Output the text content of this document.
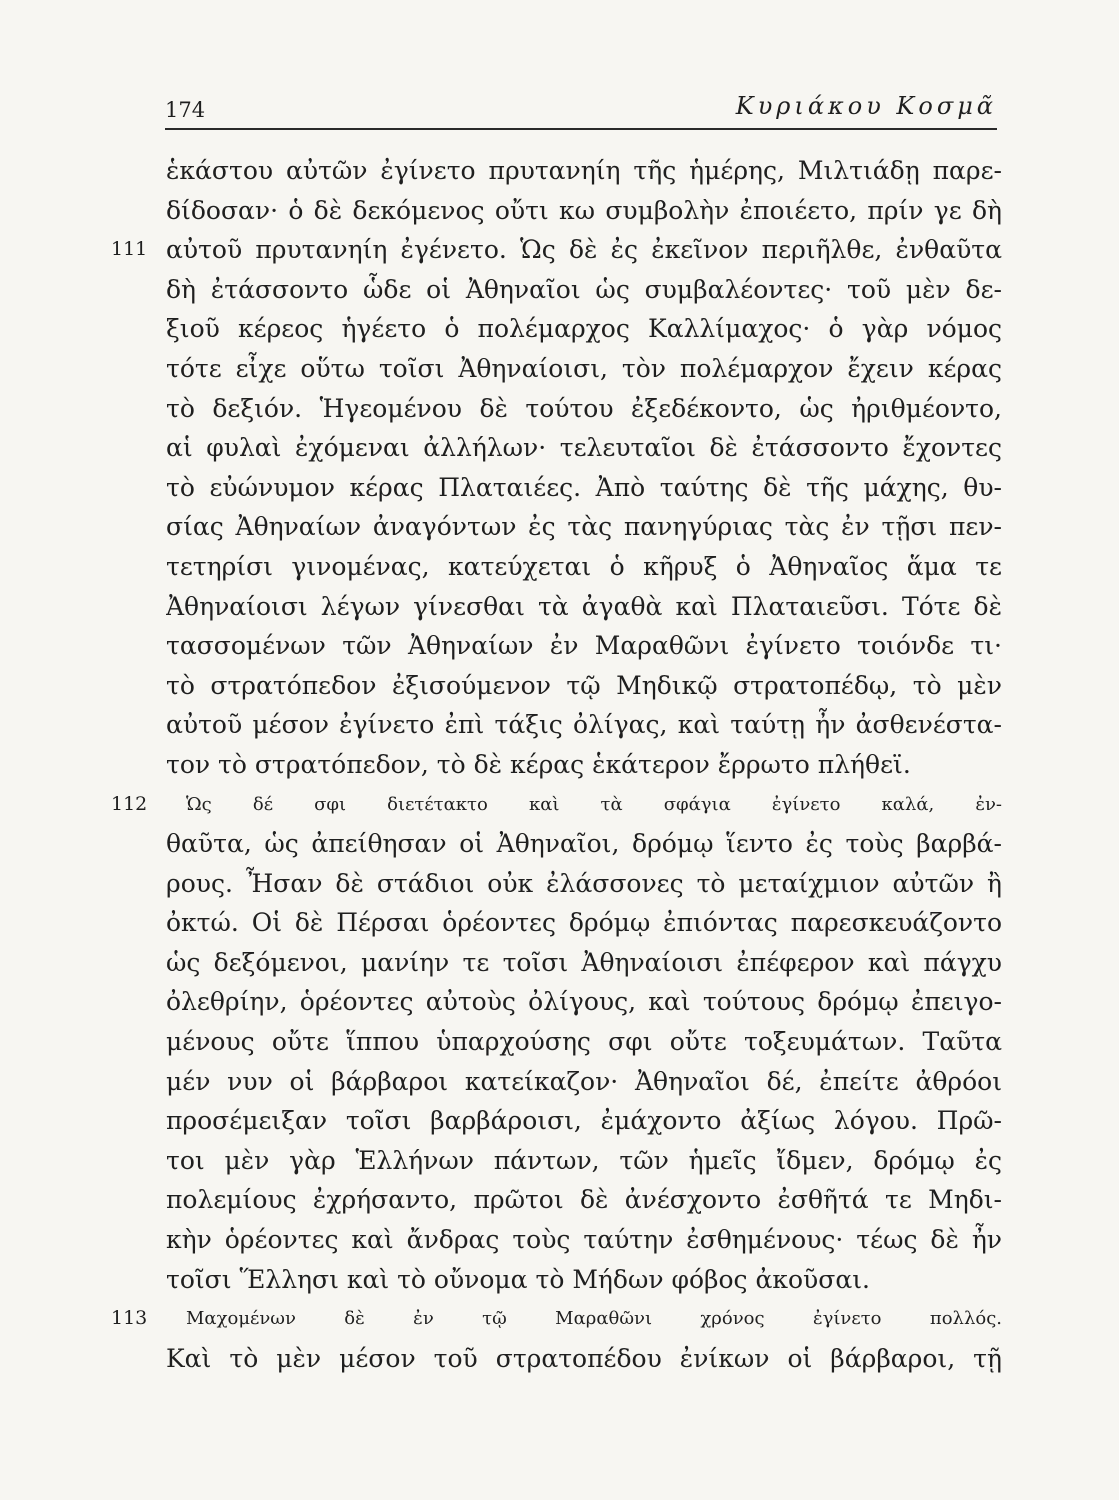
174	Κυριάκου Κοσμᾶ
ἑκάστου αὐτῶν ἐγίνετο πρυτανηίη τῆς ἡμέρης, Μιλτιάδῃ παρε-
δίδοσαν· ὁ δὲ δεκόμενος οὔτι κω συμβολὴν ἐποιέετο, πρίν γε δὴ
111 αὐτοῦ πρυτανηίη ἐγένετο. Ὡς δὲ ἐς ἐκεῖνον περιῆλθε, ἐνθαῦτα
δὴ ἐτάσσοντο ὧδε οἱ Ἀθηναῖοι ὡς συμβαλέοντες· τοῦ μὲν δε-
ξιοῦ κέρεος ἡγέετο ὁ πολέμαρχος Καλλίμαχος· ὁ γὰρ νόμος
τότε εἶχε οὕτω τοῖσι Ἀθηναίοισι, τὸν πολέμαρχον ἔχειν κέρας
τὸ δεξιόν. Ἡγεομένου δὲ τούτου ἐξεδέκοντο, ὡς ἠριθμέοντο,
αἱ φυλαὶ ἐχόμεναι ἀλλήλων· τελευταῖοι δὲ ἐτάσσοντο ἔχοντες
τὸ εὐώνυμον κέρας Πλαταιέες. Ἀπὸ ταύτης δὲ τῆς μάχης, θυ-
σίας Ἀθηναίων ἀναγόντων ἐς τὰς πανηγύριας τὰς ἐν τῇσι πεν-
τετηρίσι γινομένας, κατεύχεται ὁ κῆρυξ ὁ Ἀθηναῖος ἅμα τε
Ἀθηναίοισι λέγων γίνεσθαι τὰ ἀγαθὰ καὶ Πλαταιεῦσι. Τότε δὲ
τασσομένων τῶν Ἀθηναίων ἐν Μαραθῶνι ἐγίνετο τοιόνδε τι·
τὸ στρατόπεδον ἐξισούμενον τῷ Μηδικῷ στρατοπέδῳ, τὸ μὲν
αὐτοῦ μέσον ἐγίνετο ἐπὶ τάξις ὀλίγας, καὶ ταύτῃ ἦν ἀσθενέστα-
τον τὸ στρατόπεδον, τὸ δὲ κέρας ἑκάτερον ἔρρωτο πλήθεϊ.
112	Ὡς δέ σφι διετέτακτο καὶ τὰ σφάγια ἐγίνετο καλά, ἐν-
θαῦτα, ὡς ἀπείθησαν οἱ Ἀθηναῖοι, δρόμῳ ἵεντο ἐς τοὺς βαρβά-
ρους. Ἦσαν δὲ στάδιοι οὐκ ἐλάσσονες τὸ μεταίχμιον αὐτῶν ἢ
ὀκτώ. Οἱ δὲ Πέρσαι ὁρέοντες δρόμῳ ἐπιόντας παρεσκευάζοντο
ὡς δεξόμενοι, μανίην τε τοῖσι Ἀθηναίοισι ἐπέφερον καὶ πάγχυ
ὀλεθρίην, ὁρέοντες αὐτοὺς ὀλίγους, καὶ τούτους δρόμῳ ἐπειγο-
μένους οὔτε ἵππου ὑπαρχούσης σφι οὔτε τοξευμάτων. Ταῦτα
μέν νυν οἱ βάρβαροι κατείκαζον· Ἀθηναῖοι δέ, ἐπείτε ἀθρόοι
προσέμειξαν τοῖσι βαρβάροισι, ἐμάχοντο ἀξίως λόγου. Πρῶ-
τοι μὲν γὰρ Ἑλλήνων πάντων, τῶν ἡμεῖς ἴδμεν, δρόμῳ ἐς
πολεμίους ἐχρήσαντο, πρῶτοι δὲ ἀνέσχοντο ἐσθῆτά τε Μηδι-
κὴν ὁρέοντες καὶ ἄνδρας τοὺς ταύτην ἐσθημένους· τέως δὲ ἦν
τοῖσι Ἕλλησι καὶ τὸ οὔνομα τὸ Μήδων φόβος ἀκοῦσαι.
113	Μαχομένων δὲ ἐν τῷ Μαραθῶνι χρόνος ἐγίνετο πολλός.
Καὶ τὸ μὲν μέσον τοῦ στρατοπέδου ἐνίκων οἱ βάρβαροι, τῇ
